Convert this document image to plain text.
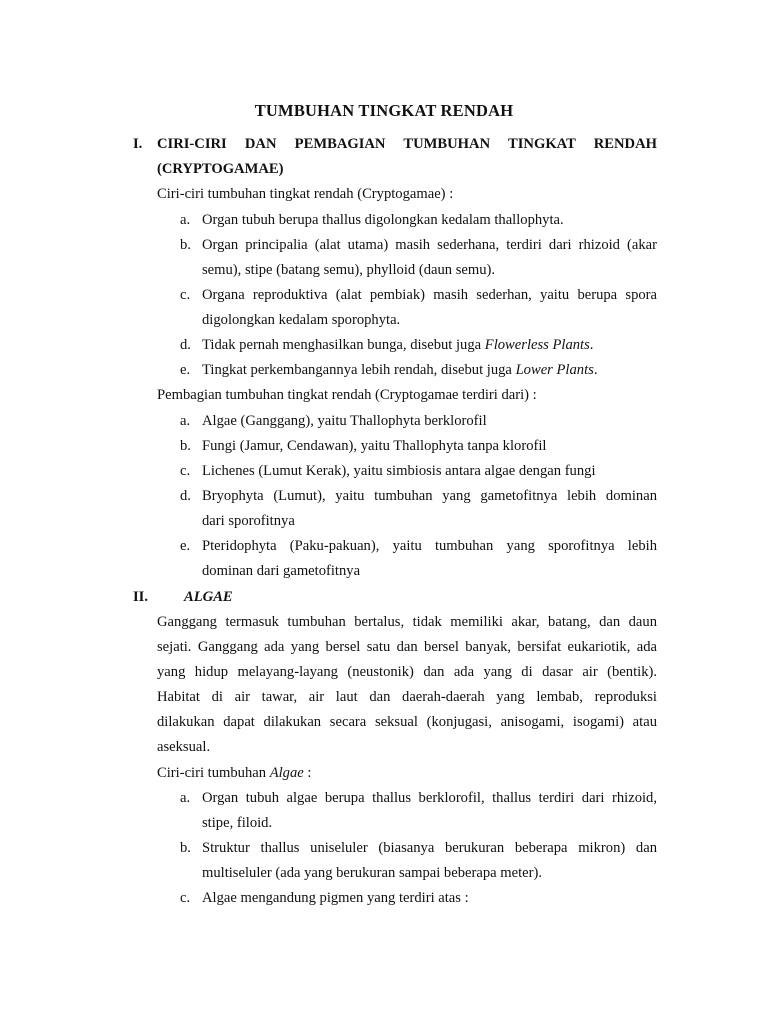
TUMBUHAN TINGKAT RENDAH
I. CIRI-CIRI DAN PEMBAGIAN TUMBUHAN TINGKAT RENDAH
(CRYPTOGAMAE)
Ciri-ciri tumbuhan tingkat rendah (Cryptogamae) :
a. Organ tubuh berupa thallus digolongkan kedalam thallophyta.
b. Organ principalia (alat utama) masih sederhana, terdiri dari rhizoid (akar
semu), stipe (batang semu), phylloid (daun semu).
c. Organa reproduktiva (alat pembiak) masih sederhan, yaitu berupa spora
digolongkan kedalam sporophyta.
d. Tidak pernah menghasilkan bunga, disebut juga Flowerless Plants.
e. Tingkat perkembangannya lebih rendah, disebut juga Lower Plants.
Pembagian tumbuhan tingkat rendah (Cryptogamae terdiri dari) :
a. Algae (Ganggang), yaitu Thallophyta berklorofil
b. Fungi (Jamur, Cendawan), yaitu Thallophyta tanpa klorofil
c. Lichenes (Lumut Kerak), yaitu simbiosis antara algae dengan fungi
d. Bryophyta (Lumut), yaitu tumbuhan yang gametofitnya lebih dominan
dari sporofitnya
e. Pteridophyta (Paku-pakuan), yaitu tumbuhan yang sporofitnya lebih
dominan dari gametofitnya
II. ALGAE
Ganggang termasuk tumbuhan bertalus, tidak memiliki akar, batang, dan daun
sejati. Ganggang ada yang bersel satu dan bersel banyak, bersifat eukariotik, ada
yang hidup melayang-layang (neustonik) dan ada yang di dasar air (bentik).
Habitat di air tawar, air laut dan daerah-daerah yang lembab, reproduksi
dilakukan dapat dilakukan secara seksual (konjugasi, anisogami, isogami) atau
aseksual.
Ciri-ciri tumbuhan Algae :
a. Organ tubuh algae berupa thallus berklorofil, thallus terdiri dari rhizoid,
stipe, filoid.
b. Struktur thallus uniseluler (biasanya berukuran beberapa mikron) dan
multiseluler (ada yang berukuran sampai beberapa meter).
c. Algae mengandung pigmen yang terdiri atas :
